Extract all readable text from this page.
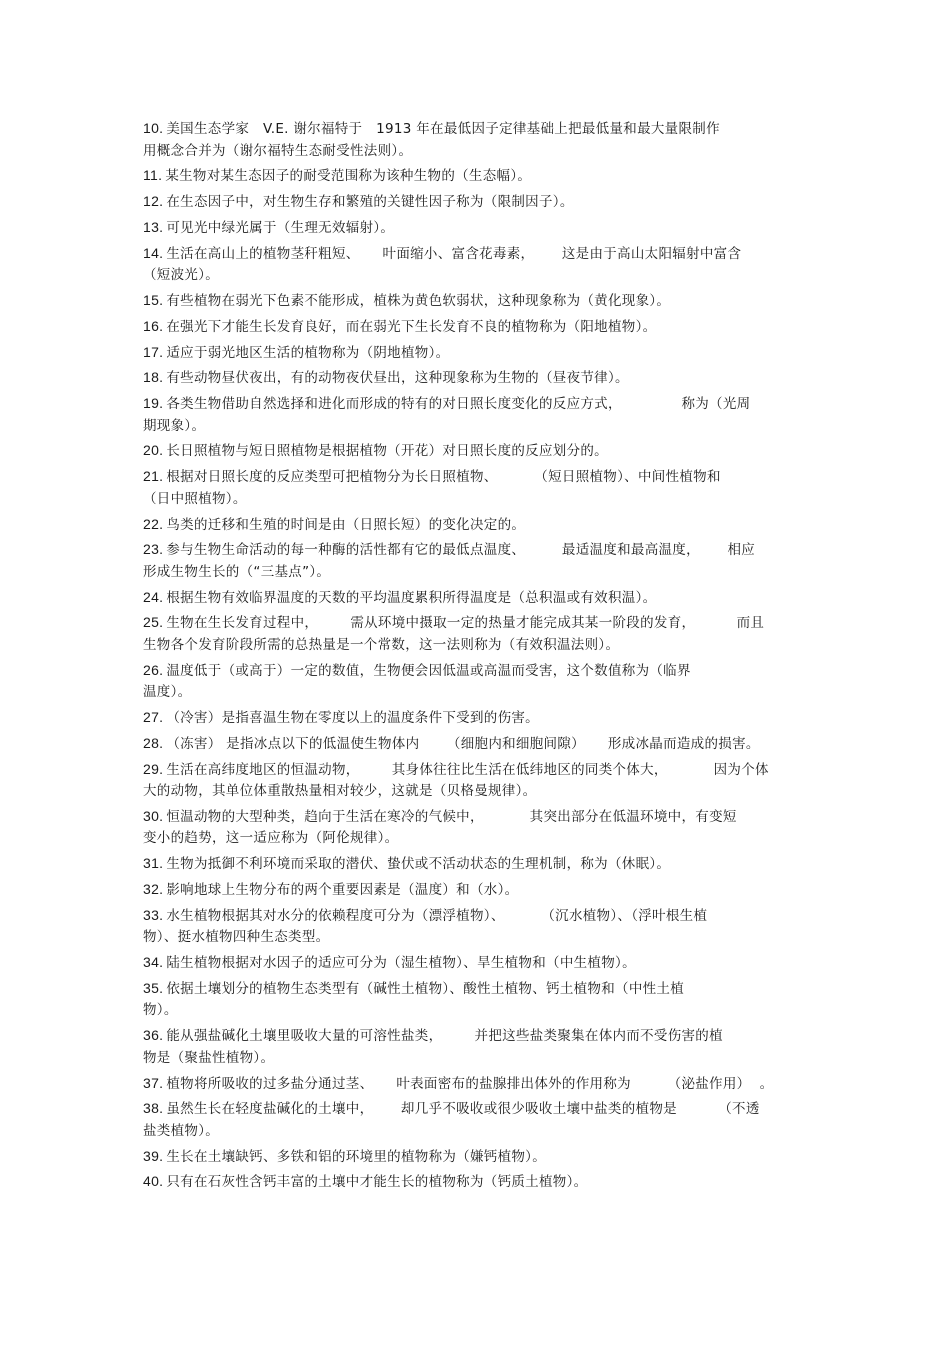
10. 美国生态学家   V.E. 谢尔福特于   1913 年在最低因子定律基础上把最低量和最大量限制作
用概念合并为（谢尔福特生态耐受性法则）。
11. 某生物对某生态因子的耐受范围称为该种生物的（生态幅）。
12. 在生态因子中，对生物生存和繁殖的关键性因子称为（限制因子）。
13. 可见光中绿光属于（生理无效辐射）。
14. 生活在高山上的植物茎秆粗短、     叶面缩小、富含花毒素，      这是由于高山太阳辐射中富含
（短波光）。
15. 有些植物在弱光下色素不能形成，植株为黄色软弱状，这种现象称为（黄化现象）。
16. 在强光下才能生长发育良好，而在弱光下生长发育不良的植物称为（阳地植物）。
17. 适应于弱光地区生活的植物称为（阴地植物）。
18. 有些动物昼伏夜出，有的动物夜伏昼出，这种现象称为生物的（昼夜节律）。
19. 各类生物借助自然选择和进化而形成的特有的对日照长度变化的反应方式，             称为（光周
期现象）。
20. 长日照植物与短日照植物是根据植物（开花）对日照长度的反应划分的。
21. 根据对日照长度的反应类型可把植物分为长日照植物、        （短日照植物）、中间性植物和
（日中照植物）。
22. 鸟类的迁移和生殖的时间是由（日照长短）的变化决定的。
23. 参与生物生命活动的每一种酶的活性都有它的最低点温度、        最适温度和最高温度，      相应
形成生物生长的（“三基点”）。
24. 根据生物有效临界温度的天数的平均温度累积所得温度是（总积温或有效积温）。
25. 生物在生长发育过程中，       需从环境中摄取一定的热量才能完成其某一阶段的发育，         而且
生物各个发育阶段所需的总热量是一个常数，这一法则称为（有效积温法则）。
26. 温度低于（或高于）一定的数值，生物便会因低温或高温而受害，这个数值称为（临界
温度）。
27. （冷害）是指喜温生物在零度以上的温度条件下受到的伤害。
28. （冻害） 是指冰点以下的低温使生物体内      （细胞内和细胞间隙）     形成冰晶而造成的损害。
29. 生活在高纬度地区的恒温动物，       其身体往往比生活在低纬地区的同类个体大，          因为个体
大的动物，其单位体重散热量相对较少，这就是（贝格曼规律）。
30. 恒温动物的大型种类，趋向于生活在寒冷的气候中，          其突出部分在低温环境中，有变短
变小的趋势，这一适应称为（阿伦规律）。
31. 生物为抵御不利环境而采取的潜伏、蛰伏或不活动状态的生理机制，称为（休眠）。
32. 影响地球上生物分布的两个重要因素是（温度）和（水）。
33. 水生植物根据其对水分的依赖程度可分为（漂浮植物）、        （沉水植物）、（浮叶根生植
物）、挺水植物四种生态类型。
34. 陆生植物根据对水因子的适应可分为（湿生植物）、旱生植物和（中生植物）。
35. 依据土壤划分的植物生态类型有（碱性土植物）、酸性土植物、钙土植物和（中性土植
物）。
36. 能从强盐碱化土壤里吸收大量的可溶性盐类，       并把这些盐类聚集在体内而不受伤害的植
物是（聚盐性植物）。
37. 植物将所吸收的过多盐分通过茎、     叶表面密布的盐腺排出体外的作用称为        （泌盐作用）  。
38. 虽然生长在轻度盐碱化的土壤中，      却几乎不吸收或很少吸收土壤中盐类的植物是         （不透
盐类植物）。
39. 生长在土壤缺钙、多铁和铝的环境里的植物称为（嫌钙植物）。
40. 只有在石灰性含钙丰富的土壤中才能生长的植物称为（钙质土植物）。
